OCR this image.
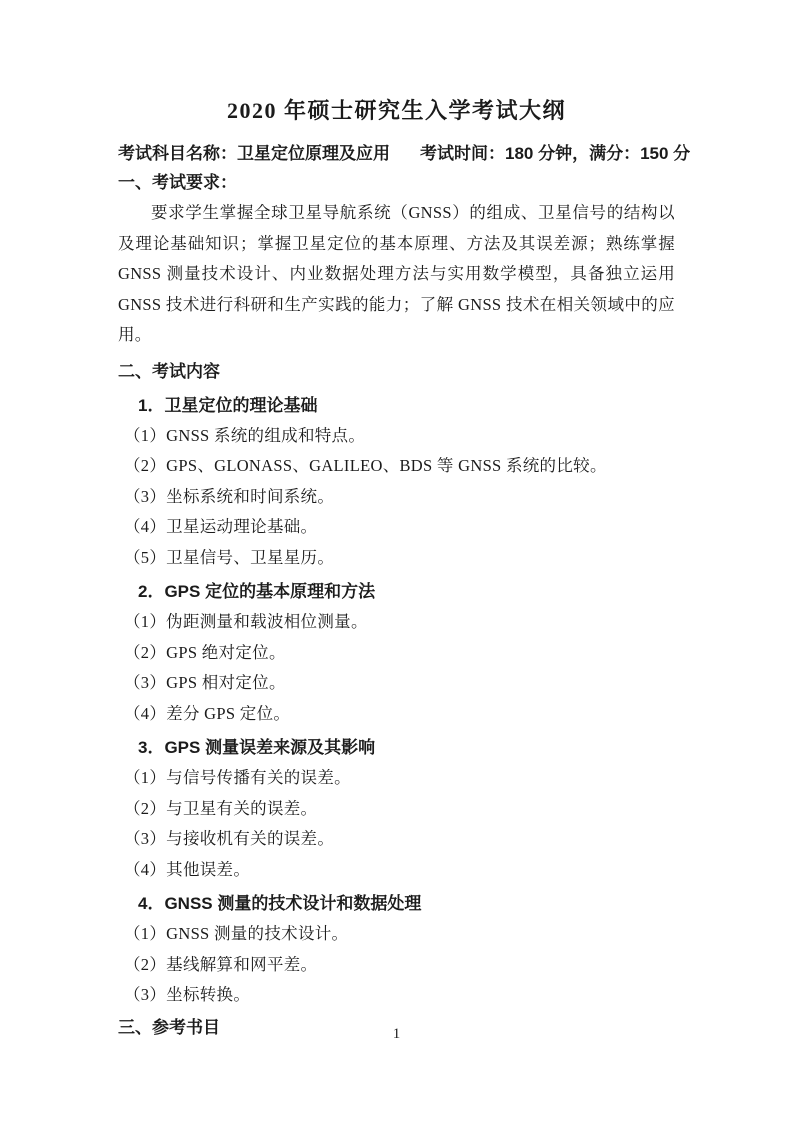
2020 年硕士研究生入学考试大纲
考试科目名称：卫星定位原理及应用 考试时间：180 分钟，满分：150 分
一、考试要求：
要求学生掌握全球卫星导航系统（GNSS）的组成、卫星信号的结构以及理论基础知识；掌握卫星定位的基本原理、方法及其误差源；熟练掌握 GNSS 测量技术设计、内业数据处理方法与实用数学模型，具备独立运用 GNSS 技术进行科研和生产实践的能力；了解 GNSS 技术在相关领域中的应用。
二、考试内容
1．卫星定位的理论基础
（1）GNSS 系统的组成和特点。
（2）GPS、GLONASS、GALILEO、BDS 等 GNSS 系统的比较。
（3）坐标系统和时间系统。
（4）卫星运动理论基础。
（5）卫星信号、卫星星历。
2．GPS 定位的基本原理和方法
（1）伪距测量和载波相位测量。
（2）GPS 绝对定位。
（3）GPS 相对定位。
（4）差分 GPS 定位。
3．GPS 测量误差来源及其影响
（1）与信号传播有关的误差。
（2）与卫星有关的误差。
（3）与接收机有关的误差。
（4）其他误差。
4．GNSS 测量的技术设计和数据处理
（1）GNSS 测量的技术设计。
（2）基线解算和网平差。
（3）坐标转换。
三、参考书目	1
